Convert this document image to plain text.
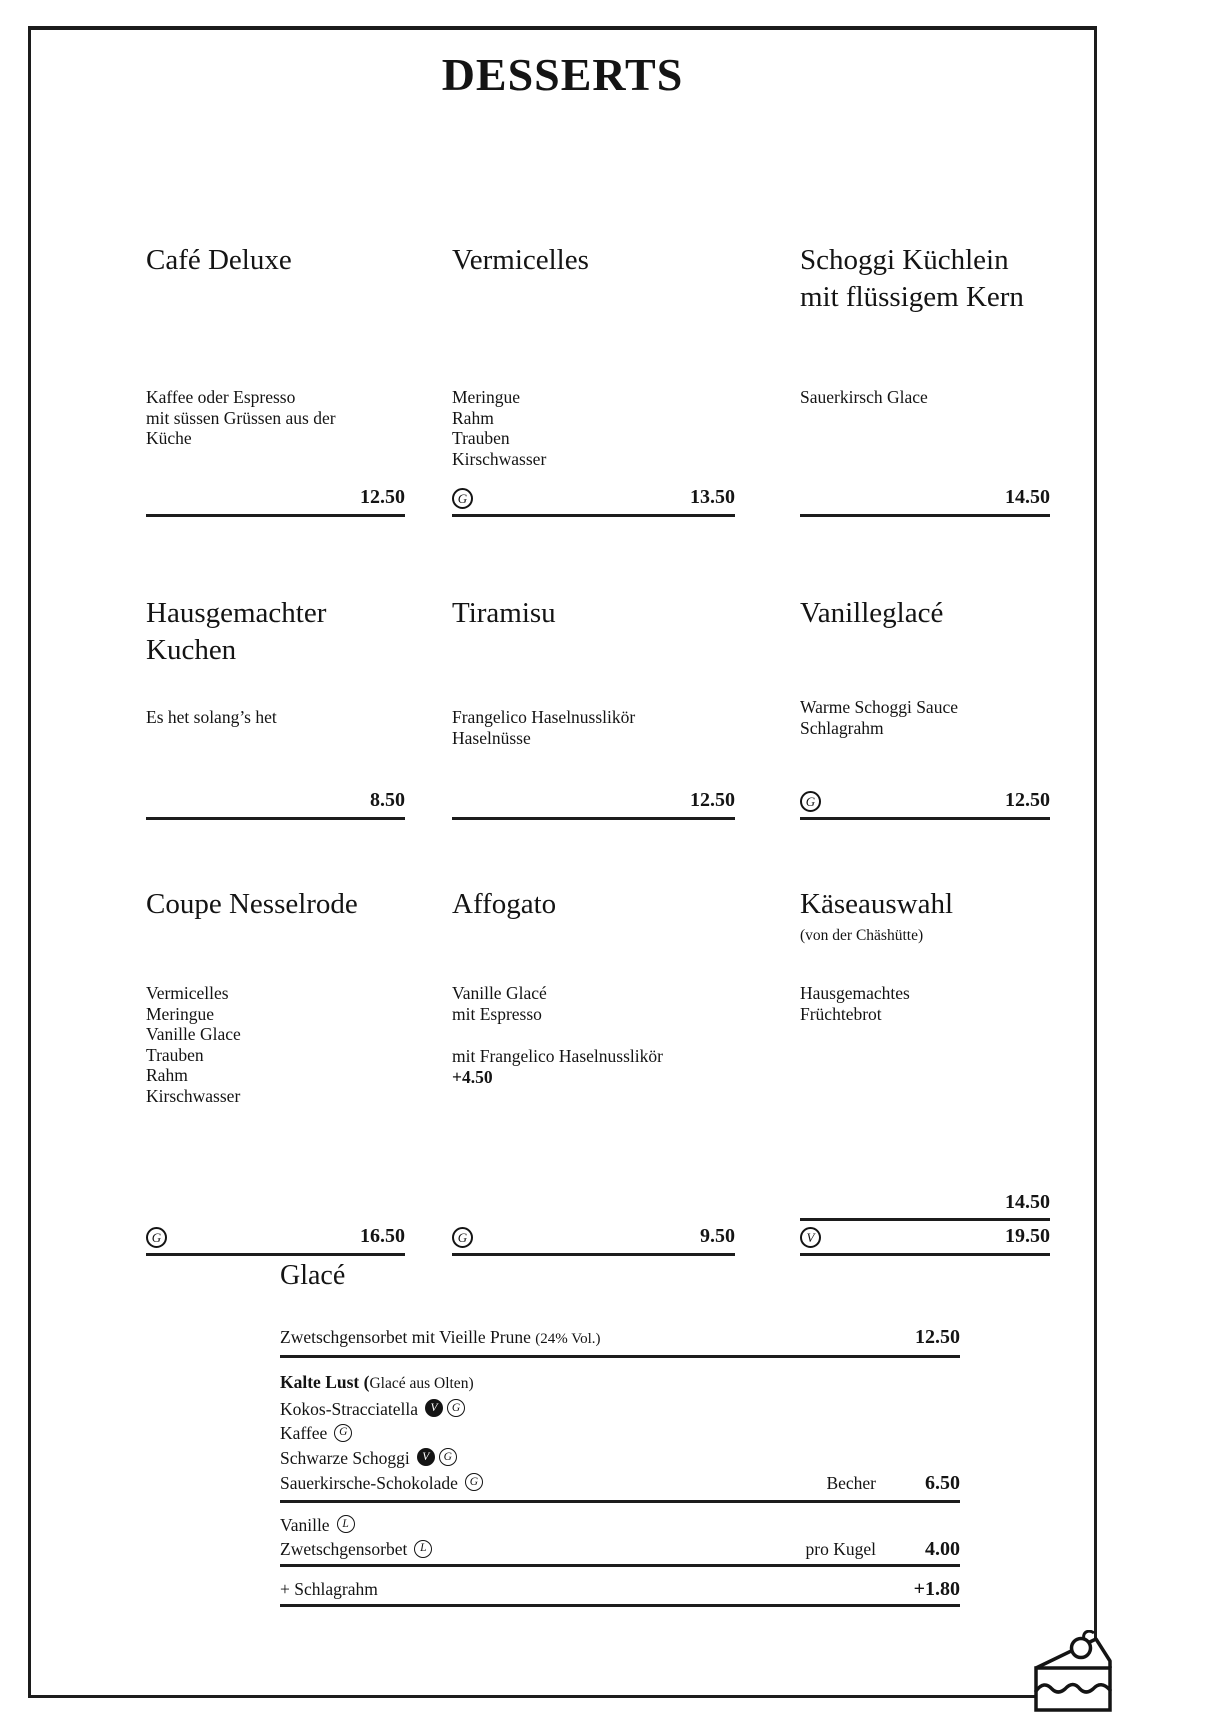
DESSERTS
Café Deluxe
Kaffee oder Espresso
mit süssen Grüssen aus der
Küche
12.50
Vermicelles
Meringue
Rahm
Trauben
Kirschwasser
G	13.50
Schoggi Küchlein mit flüssigem Kern
Sauerkirsch Glace
14.50
Hausgemachter Kuchen
Es het solang’s het
8.50
Tiramisu
Frangelico Haselnusslikör
Haselnüsse
12.50
Vanilleglacé
Warme Schoggi Sauce
Schlagrahm
G	12.50
Coupe Nesselrode
Vermicelles
Meringue
Vanille Glace
Trauben
Rahm
Kirschwasser
G	16.50
Affogato
Vanille Glacé
mit Espresso
mit Frangelico Haselnusslikör
+4.50
G	9.50
Käseauswahl
(von der Chäshütte)
Hausgemachtes
Früchtebrot
14.50
V	19.50
Glacé
Zwetschgensorbet mit Vieille Prune (24% Vol.)	12.50
Kalte Lust (Glacé aus Olten)
Kokos-Stracciatella V G
Kaffee G
Schwarze Schoggi V G
Sauerkirsche-Schokolade G	Becher	6.50
Vanille L
Zwetschgensorbet L	pro Kugel	4.00
+ Schlagrahm	+1.80
